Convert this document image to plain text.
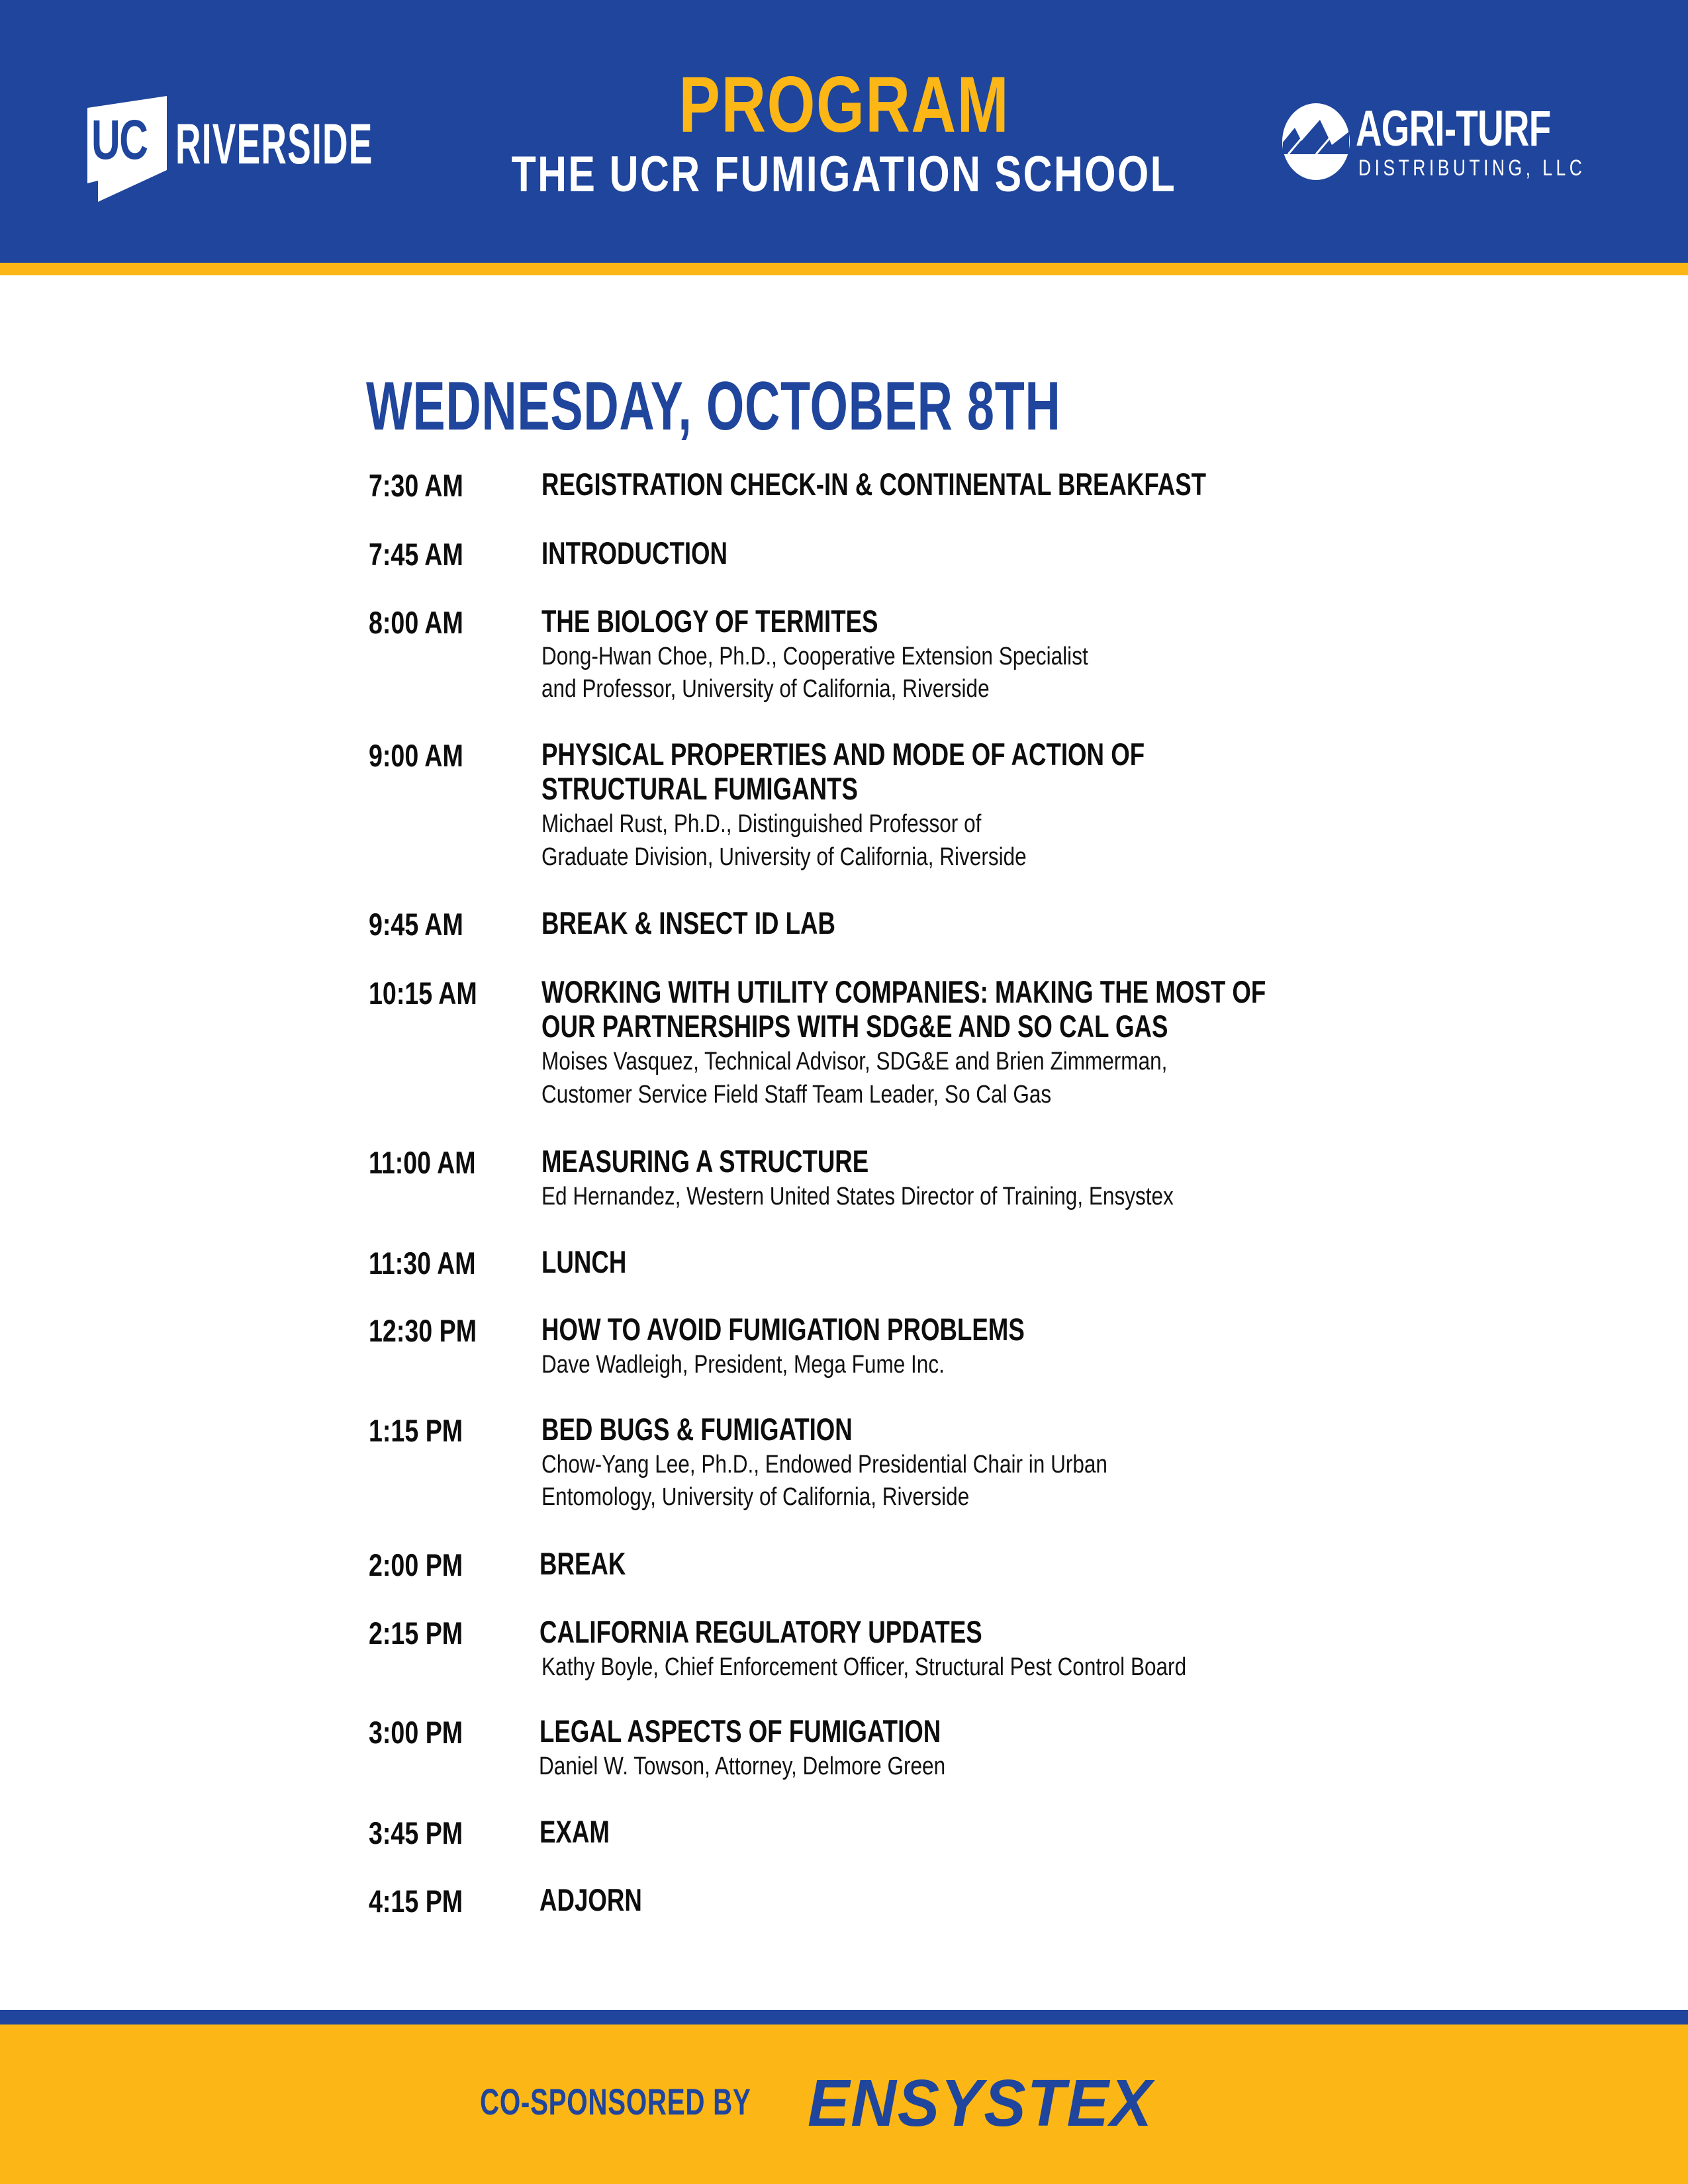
UC RIVERSIDE	PROGRAM
THE UCR FUMIGATION SCHOOL
AGRI-TURF
DISTRIBUTING, LLC
WEDNESDAY, OCTOBER 8TH
7:30 AM	REGISTRATION CHECK-IN & CONTINENTAL BREAKFAST
7:45 AM	INTRODUCTION
8:00 AM	THE BIOLOGY OF TERMITES
Dong-Hwan Choe, Ph.D., Cooperative Extension Specialist
and Professor, University of California, Riverside
9:00 AM	PHYSICAL PROPERTIES AND MODE OF ACTION OF
STRUCTURAL FUMIGANTS
Michael Rust, Ph.D., Distinguished Professor of
Graduate Division, University of California, Riverside
9:45 AM	BREAK & INSECT ID LAB
10:15 AM WORKING WITH UTILITY COMPANIES: MAKING THE MOST OF
OUR PARTNERSHIPS WITH SDG&E AND SO CAL GAS
Moises Vasquez, Technical Advisor, SDG&E and Brien Zimmerman,
Customer Service Field Staff Team Leader, So Cal Gas
11:00 AM MEASURING A STRUCTURE
Ed Hernandez, Western United States Director of Training, Ensystex
11:30 AM LUNCH
12:30 PM HOW TO AVOID FUMIGATION PROBLEMS
Dave Wadleigh, President, Mega Fume Inc.
1:15 PM	BED BUGS & FUMIGATION
Chow-Yang Lee, Ph.D., Endowed Presidential Chair in Urban
Entomology, University of California, Riverside
2:00 PM BREAK
2:15 PM CALIFORNIA REGULATORY UPDATES
Kathy Boyle, Chief Enforcement Officer, Structural Pest Control Board
3:00 PM LEGAL ASPECTS OF FUMIGATION
Daniel W. Towson, Attorney, Delmore Green
3:45 PM EXAM
4:15 PM ADJORN
CO-SPONSORED BY ENSYSTEX
